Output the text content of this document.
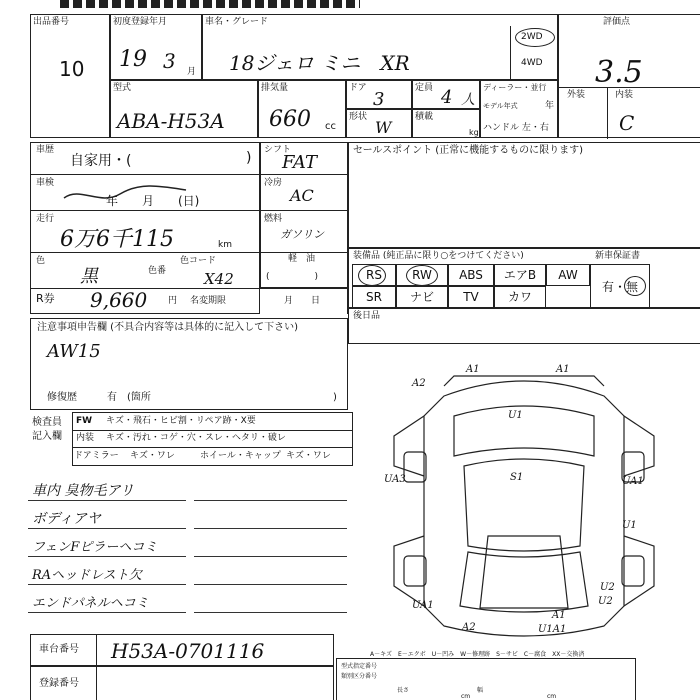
出品番号
10
初度登録年月
19 3 月
車名・グレード
18ジェロ ミニ　XR
2WD
4WD
評価点
3.5
外装	内装
C
型式
ABA-H53A
排気量
660 cc
ドア
3
定員 4 人
形状
W
積載
kg
ディーラー・並行
モデル年式	年
ハンドル 左・右
車歴
自家用・(	)
車検
年　　月　　(日)
走行
6万6千115	km
色
黒	色番
色コード
X42
R券 9,660 円 名変期限	月　　日
シフト
FAT
冷房
AC
燃料
ガソリン
軽　油
(　　　　　)
セールスポイント (正常に機能するものに限ります)
装備品 (純正品に限り○をつけてください)	新車保証書
RS	RW	ABS	エアB	AW
SR	ナビ	TV	カワ
有・無
後日品
注意事項申告欄 (不具合内容等は具体的に記入して下さい)
AW15
修復歴	有　(箇所	)
検査員
記入欄
FW キズ・飛石・ヒビ割・リペア跡・X要
内装 キズ・汚れ・コゲ・穴・スレ・ヘタリ・破レ
ドアミラー キズ・ワレ	ホイール・キャップ キズ・ワレ
車内 臭物毛アリ
ボディアヤ
フェンFピラーヘコミ
RAヘッドレスト欠
エンドパネルヘコミ
A1	A1
A2
U1
UA3	S1	UA1
U1
UA1	U2
A2
A1
U2
U1A1
A－キズ　E－エクボ　U－凹み　W－修理跡　S－サビ　C－腐食　XX－交換済
車台番号 H53A-0701116
登録番号
型式指定番号
類別区分番号
長さ
cm
幅
cm
